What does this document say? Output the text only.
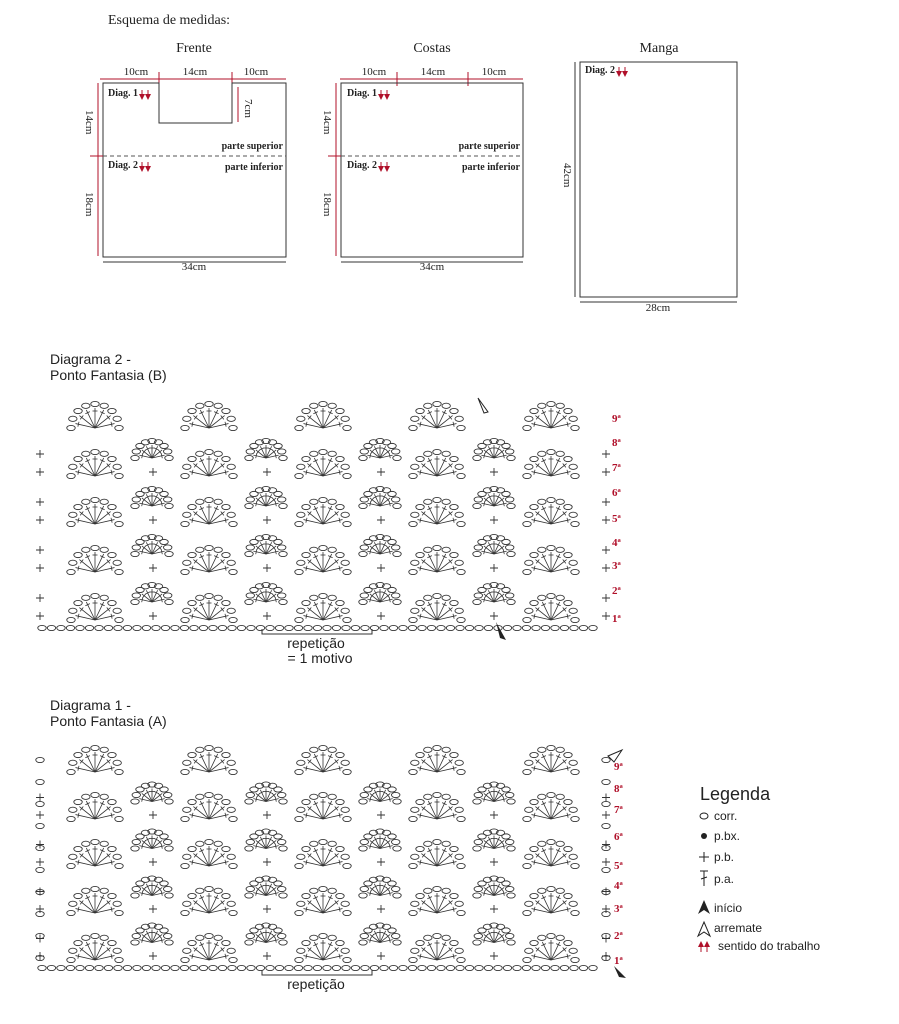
Esquema de medidas:
Frente
10cm	14cm	10cm
7cm
14cm
18cm
Diag. 1
Diag. 2
parte superior
parte inferior
34cm
Costas
10cm	14cm	10cm
14cm
18cm
Diag. 1
Diag. 2
parte superior
parte inferior
34cm
Manga
42cm
Diag. 2
28cm
Diagrama 2 -
Ponto Fantasia (B)
9ª
8ª
7ª
6ª
5ª
4ª
3ª
2ª
1ª
repetição
= 1 motivo
Diagrama 1 -
Ponto Fantasia (A)
9ª
8ª
7ª
6ª
5ª
4ª
3ª
2ª
1ª
repetição
Legenda
corr.
p.bx.
p.b.
p.a.
início
arremate
sentido do trabalho
